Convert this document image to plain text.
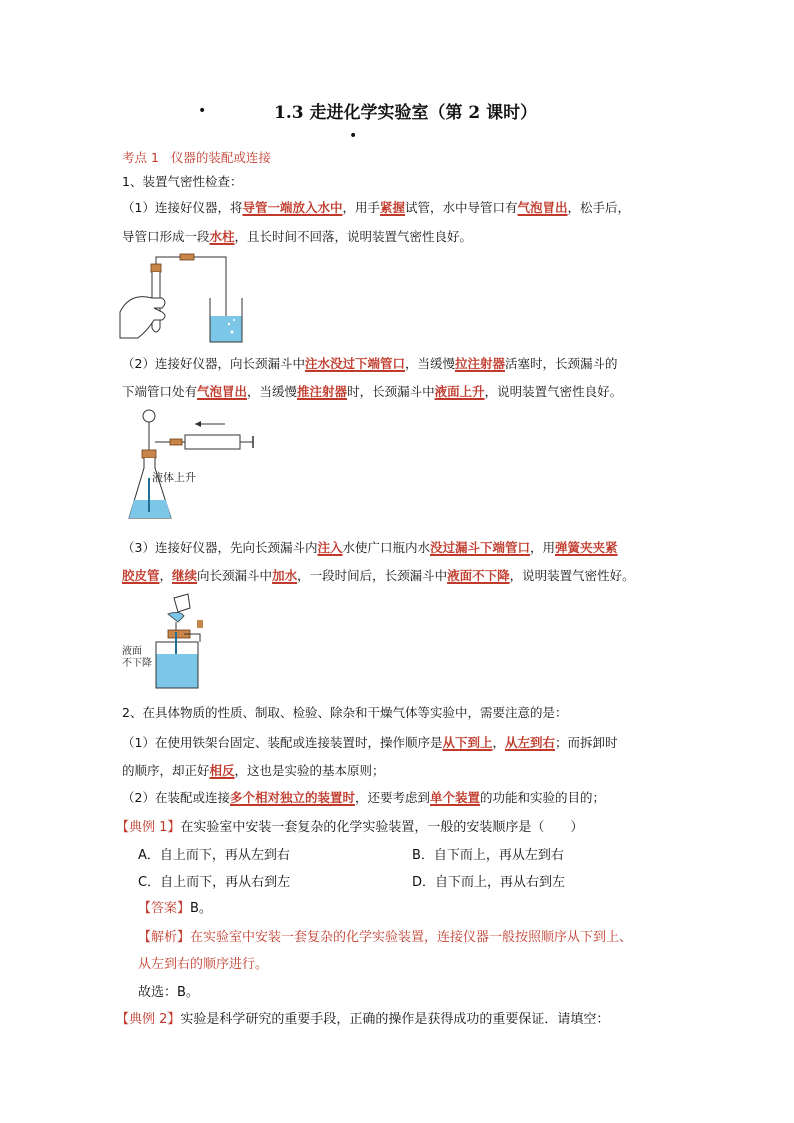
•	1.3 走进化学实验室（第 2 课时）
•
考点 1 仪器的装配或连接
1、装置气密性检查：
（1）连接好仪器，将导管一端放入水中，用手紧握试管，水中导管口有气泡冒出，松手后，
导管口形成一段水柱，且长时间不回落，说明装置气密性良好。
（2）连接好仪器，向长颈漏斗中注水没过下端管口，当缓慢拉注射器活塞时，长颈漏斗的
下端管口处有气泡冒出，当缓慢推注射器时，长颈漏斗中液面上升，说明装置气密性良好。
液体上升
（3）连接好仪器，先向长颈漏斗内注入水使广口瓶内水没过漏斗下端管口，用弹簧夹夹紧
胶皮管，继续向长颈漏斗中加水，一段时间后，长颈漏斗中液面不下降，说明装置气密性好。
液面
不下降
2、在具体物质的性质、制取、检验、除杂和干燥气体等实验中，需要注意的是：
（1）在使用铁架台固定、装配或连接装置时，操作顺序是从下到上，从左到右；而拆卸时
的顺序，却正好相反，这也是实验的基本原则；
（2）在装配或连接多个相对独立的装置时，还要考虑到单个装置的功能和实验的目的；
【典例 1】在实验室中安装一套复杂的化学实验装置，一般的安装顺序是（　　）
A．自上而下，再从左到右	B．自下而上，再从左到右
C．自上而下，再从右到左	D．自下而上，再从右到左
【答案】B。
【解析】在实验室中安装一套复杂的化学实验装置，连接仪器一般按照顺序从下到上、
从左到右的顺序进行。
故选：B。
【典例 2】实验是科学研究的重要手段，正确的操作是获得成功的重要保证．请填空：
